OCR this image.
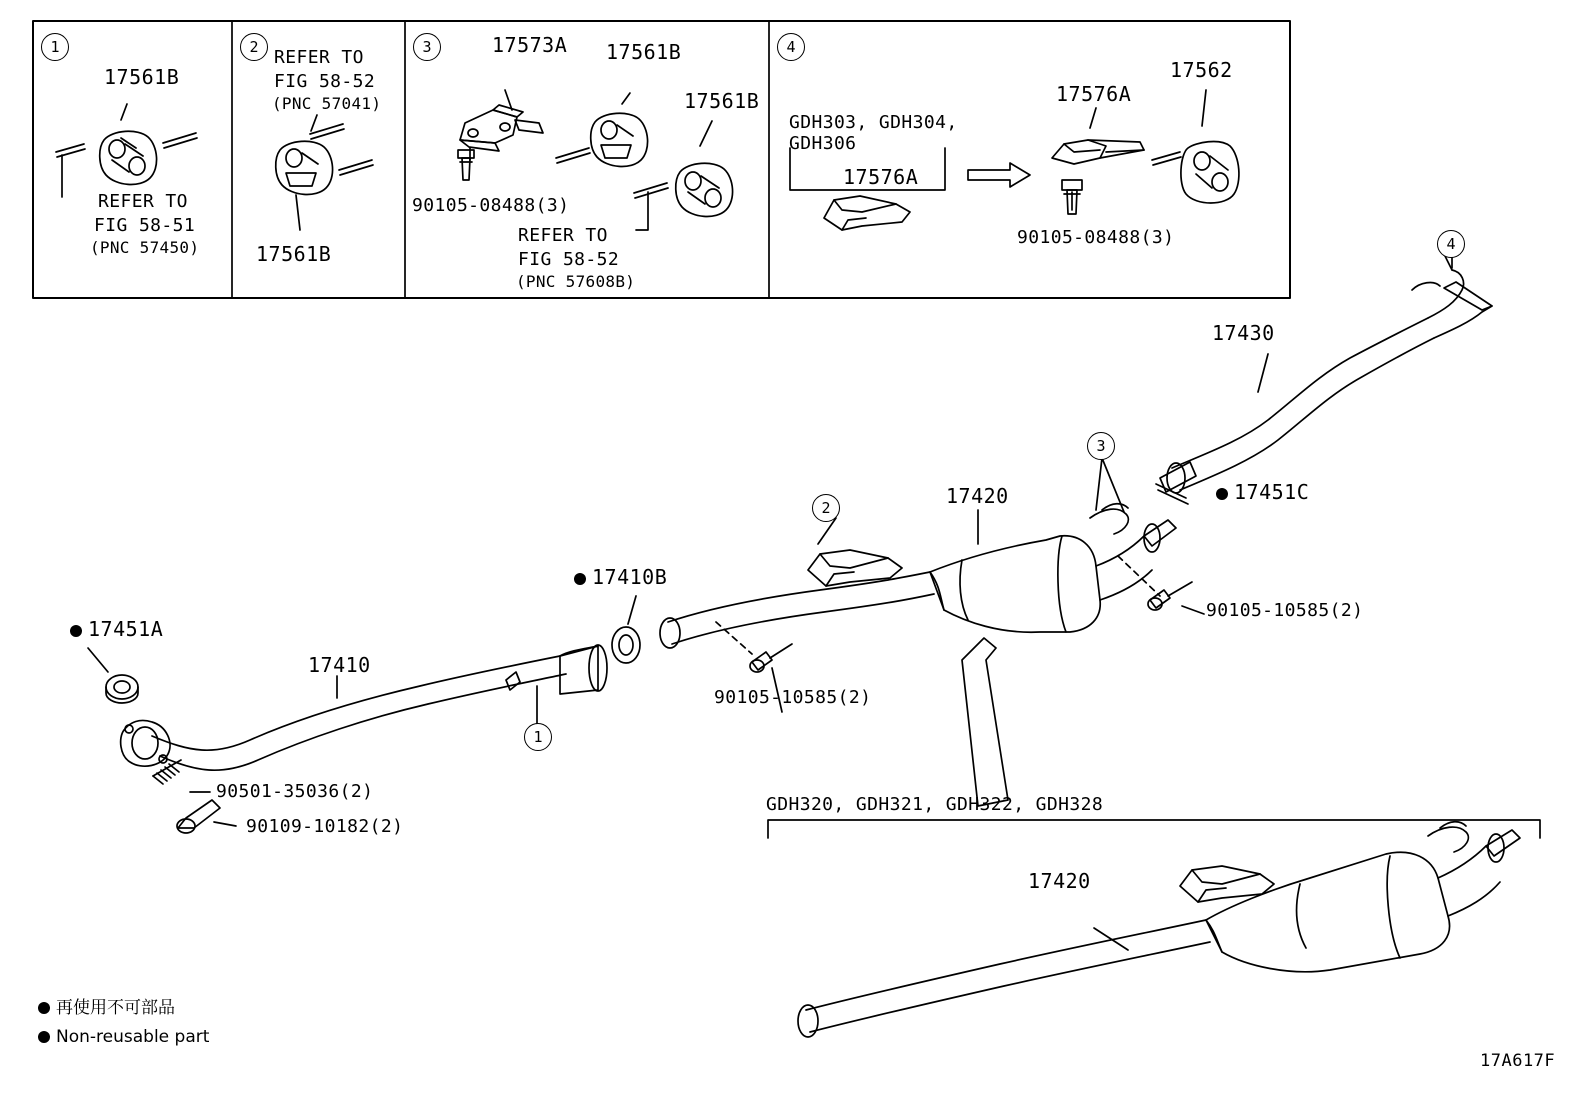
1	2	3	4
1
2
3
4
17561B
REFER TO
FIG 58-51
(PNC 57450)
REFER TO
FIG 58-52
(PNC 57041)
17561B
17573A 17561B
17561B
90105-08488(3)
REFER TO
FIG 58-52
(PNC 57608B)
GDH303, GDH304,
GDH306
17576A
17576A
17562
90105-08488(3)
17451A
17410
17410B
90501-35036(2)
90109-10182(2)
90105-10585(2)
17420
17430
17451C
90105-10585(2)
GDH320, GDH321, GDH322, GDH328
17420
再使用不可部品
Non-reusable part
17A617F
